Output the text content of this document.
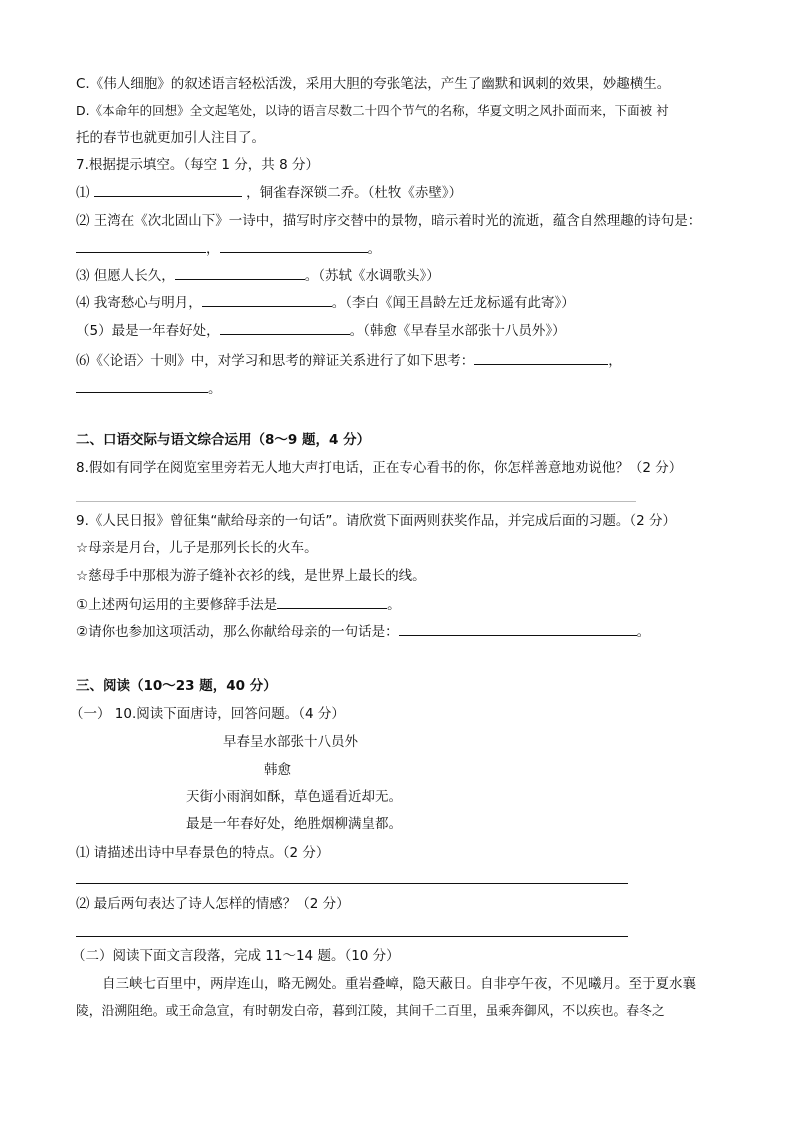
C.《伟人细胞》的叙述语言轻松活泼，采用大胆的夸张笔法，产生了幽默和讽刺的效果，妙趣横生。
D.《本命年的回想》全文起笔处，以诗的语言尽数二十四个节气的名称，华夏文明之风扑面而来，下面被 衬
托的春节也就更加引人注目了。
7.根据提示填空。（每空 1 分，共 8 分）
⑴	，铜雀春深锁二乔。（杜牧《赤壁》）
⑵ 王湾在《次北固山下》一诗中，描写时序交替中的景物，暗示着时光的流逝，蕴含自然理趣的诗句是：
，	。
⑶ 但愿人长久，	。（苏轼《水调歌头》）
⑷ 我寄愁心与明月，	。（李白《闻王昌龄左迁龙标遥有此寄》）
（5）最是一年春好处，	。（韩愈《早春呈水部张十八员外》）
⑹《〈论语〉十则》中，对学习和思考的辩证关系进行了如下思考：	，
。
二、口语交际与语文综合运用（8～9 题，4 分）
8.假如有同学在阅览室里旁若无人地大声打电话，正在专心看书的你，你怎样善意地劝说他？（2 分）
9.《人民日报》曾征集“献给母亲的一句话”。请欣赏下面两则获奖作品，并完成后面的习题。（2 分）
☆母亲是月台，儿子是那列长长的火车。
☆慈母手中那根为游子缝补衣衫的线，是世界上最长的线。
①上述两句运用的主要修辞手法是	。
②请你也参加这项活动，那么你献给母亲的一句话是：	。
三、阅读（10～23 题，40 分）
（一） 10.阅读下面唐诗，回答问题。（4 分）
早春呈水部张十八员外
韩愈
天街小雨润如酥，草色遥看近却无。
最是一年春好处，绝胜烟柳满皇都。
⑴ 请描述出诗中早春景色的特点。（2 分）
⑵ 最后两句表达了诗人怎样的情感？（2 分）
（二）阅读下面文言段落，完成 11～14 题。（10 分）
自三峡七百里中，两岸连山，略无阙处。重岩叠嶂，隐天蔽日。自非亭午夜，不见曦月。至于夏水襄
陵，沿溯阻绝。或王命急宣，有时朝发白帝，暮到江陵，其间千二百里，虽乘奔御风，不以疾也。春冬之
